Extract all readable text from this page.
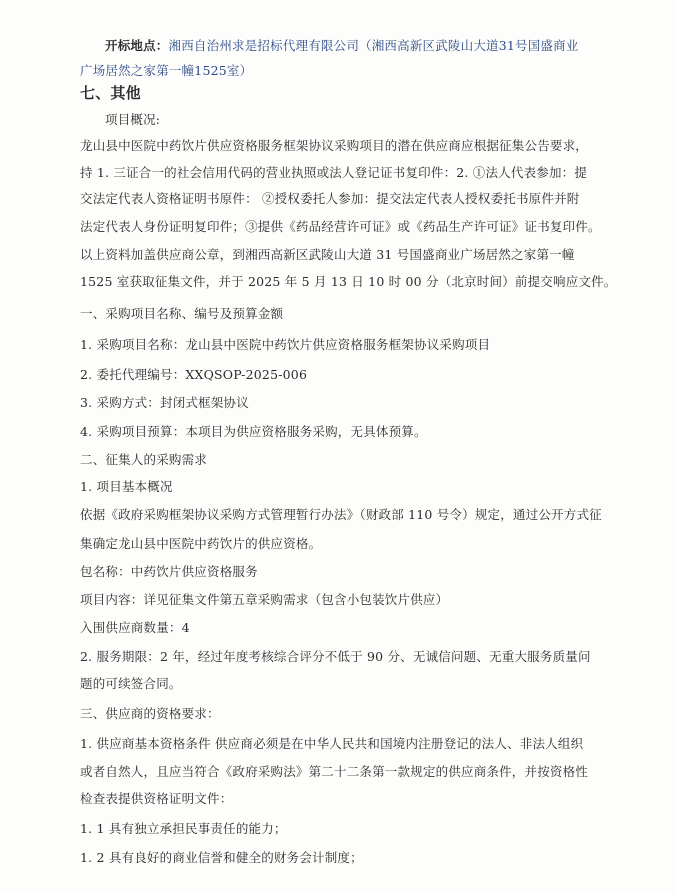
开标地点：湘西自治州求是招标代理有限公司（湘西高新区武陵山大道31号国盛商业
广场居然之家第一幢1525室）
七、其他
项目概况:
龙山县中医院中药饮片供应资格服务框架协议采购项目的潜在供应商应根据征集公告要求，
持 1. 三证合一的社会信用代码的营业执照或法人登记证书复印件：2. ①法人代表参加：提
交法定代表人资格证明书原件： ②授权委托人参加：提交法定代表人授权委托书原件并附
法定代表人身份证明复印件；③提供《药品经营许可证》或《药品生产许可证》证书复印件。
以上资料加盖供应商公章，到湘西高新区武陵山大道 31 号国盛商业广场居然之家第一幢
1525 室获取征集文件，并于 2025 年 5 月 13 日 10 时 00 分（北京时间）前提交响应文件。
一、采购项目名称、编号及预算金额
1. 采购项目名称：龙山县中医院中药饮片供应资格服务框架协议采购项目
2. 委托代理编号：XXQSOP-2025-006
3. 采购方式：封闭式框架协议
4. 采购项目预算：本项目为供应资格服务采购，无具体预算。
二、征集人的采购需求
1. 项目基本概况
依据《政府采购框架协议采购方式管理暂行办法》（财政部 110 号令）规定，通过公开方式征
集确定龙山县中医院中药饮片的供应资格。
包名称：中药饮片供应资格服务
项目内容：详见征集文件第五章采购需求（包含小包装饮片供应）
入围供应商数量：4
2. 服务期限：2 年，经过年度考核综合评分不低于 90 分、无诚信问题、无重大服务质量问
题的可续签合同。
三、供应商的资格要求：
1. 供应商基本资格条件 供应商必须是在中华人民共和国境内注册登记的法人、非法人组织
或者自然人，且应当符合《政府采购法》第二十二条第一款规定的供应商条件，并按资格性
检查表提供资格证明文件：
1. 1 具有独立承担民事责任的能力；
1. 2 具有良好的商业信誉和健全的财务会计制度；
